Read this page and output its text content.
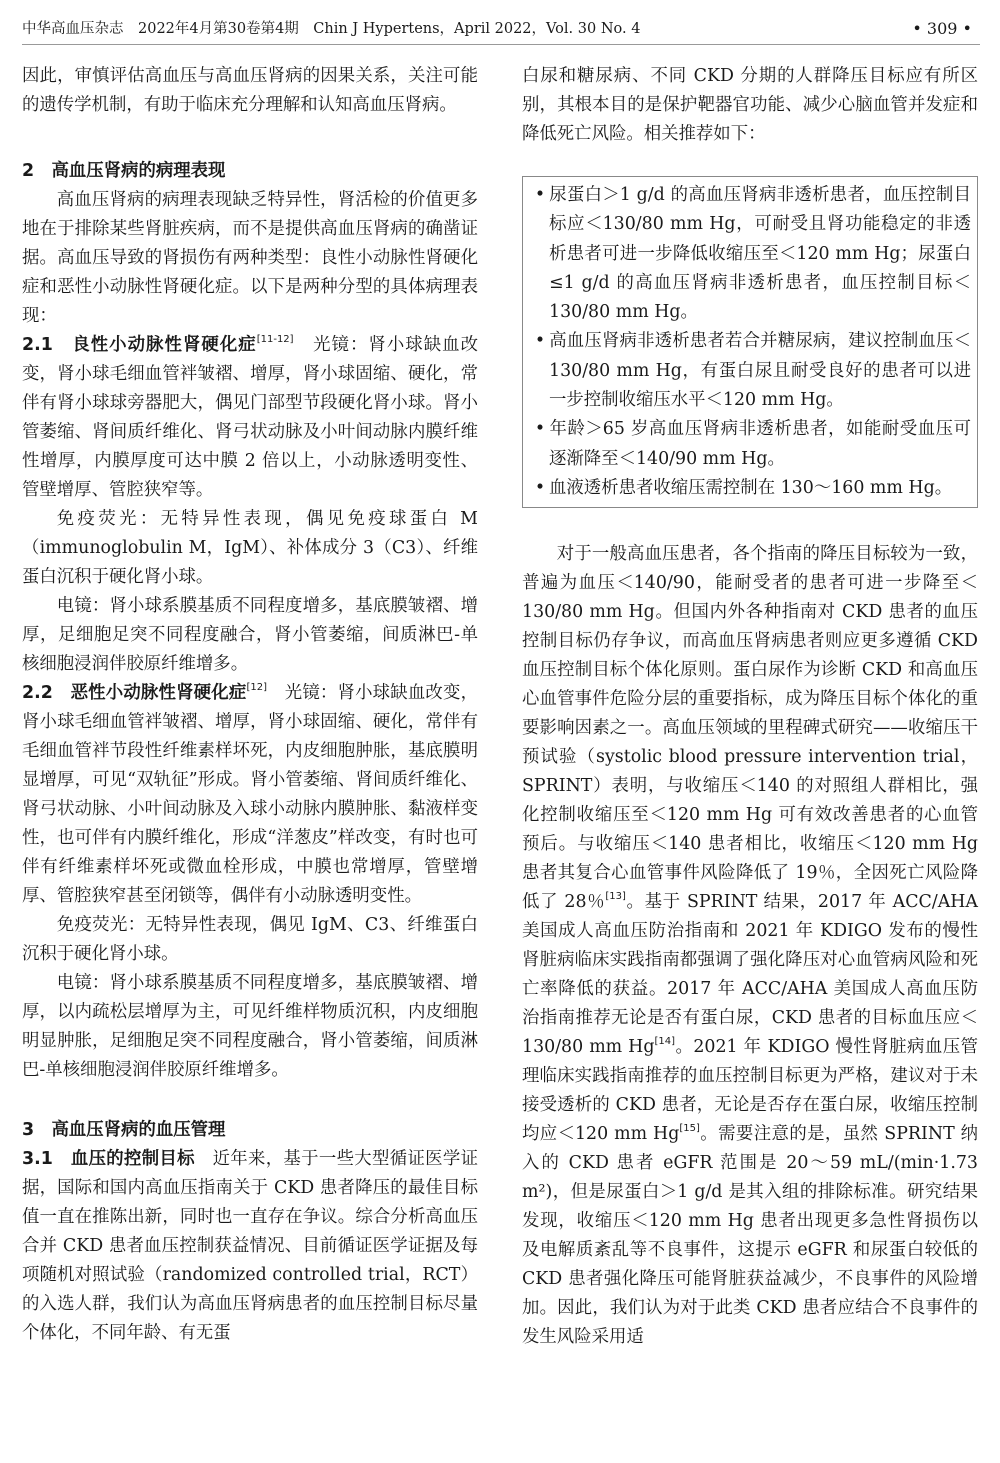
中华高血压杂志　2022年4月第30卷第4期　Chin J Hypertens，April 2022，Vol. 30 No. 4	• 309 •

因此，审慎评估高血压与高血压肾病的因果关系，关注可能的遗传学机制，有助于临床充分理解和认知高血压肾病。

2　高血压肾病的病理表现

高血压肾病的病理表现缺乏特异性，肾活检的价值更多地在于排除某些肾脏疾病，而不是提供高血压肾病的确凿证据。高血压导致的肾损伤有两种类型：良性小动脉性肾硬化症和恶性小动脉性肾硬化症。以下是两种分型的具体病理表现：

2.1　良性小动脉性肾硬化症[11-12]　光镜：肾小球缺血改变，肾小球毛细血管袢皱褶、增厚，肾小球固缩、硬化，常伴有肾小球球旁器肥大，偶见门部型节段硬化肾小球。肾小管萎缩、肾间质纤维化、肾弓状动脉及小叶间动脉内膜纤维性增厚，内膜厚度可达中膜 2 倍以上，小动脉透明变性、管壁增厚、管腔狭窄等。

免疫荧光：无特异性表现，偶见免疫球蛋白 M（immunoglobulin M，IgM）、补体成分 3（C3）、纤维蛋白沉积于硬化肾小球。

电镜：肾小球系膜基质不同程度增多，基底膜皱褶、增厚，足细胞足突不同程度融合，肾小管萎缩，间质淋巴-单核细胞浸润伴胶原纤维增多。

2.2　恶性小动脉性肾硬化症[12]　光镜：肾小球缺血改变，肾小球毛细血管袢皱褶、增厚，肾小球固缩、硬化，常伴有毛细血管袢节段性纤维素样坏死，内皮细胞肿胀，基底膜明显增厚，可见“双轨征”形成。肾小管萎缩、肾间质纤维化、肾弓状动脉、小叶间动脉及入球小动脉内膜肿胀、黏液样变性，也可伴有内膜纤维化，形成“洋葱皮”样改变，有时也可伴有纤维素样坏死或微血栓形成，中膜也常增厚，管壁增厚、管腔狭窄甚至闭锁等，偶伴有小动脉透明变性。

免疫荧光：无特异性表现，偶见 IgM、C3、纤维蛋白沉积于硬化肾小球。

电镜：肾小球系膜基质不同程度增多，基底膜皱褶、增厚，以内疏松层增厚为主，可见纤维样物质沉积，内皮细胞明显肿胀，足细胞足突不同程度融合，肾小管萎缩，间质淋巴-单核细胞浸润伴胶原纤维增多。

3　高血压肾病的血压管理

3.1　血压的控制目标　近年来，基于一些大型循证医学证据，国际和国内高血压指南关于 CKD 患者降压的最佳目标值一直在推陈出新，同时也一直存在争议。综合分析高血压合并 CKD 患者血压控制获益情况、目前循证医学证据及每项随机对照试验（randomized controlled trial，RCT）的入选人群，我们认为高血压肾病患者的血压控制目标尽量个体化，不同年龄、有无蛋

白尿和糖尿病、不同 CKD 分期的人群降压目标应有所区别，其根本目的是保护靶器官功能、减少心脑血管并发症和降低死亡风险。相关推荐如下：

• 尿蛋白＞1 g/d 的高血压肾病非透析患者，血压控制目标应＜130/80 mm Hg，可耐受且肾功能稳定的非透析患者可进一步降低收缩压至＜120 mm Hg；尿蛋白≤1 g/d 的高血压肾病非透析患者，血压控制目标＜130/80 mm Hg。
• 高血压肾病非透析患者若合并糖尿病，建议控制血压＜130/80 mm Hg，有蛋白尿且耐受良好的患者可以进一步控制收缩压水平＜120 mm Hg。
• 年龄＞65 岁高血压肾病非透析患者，如能耐受血压可逐渐降至＜140/90 mm Hg。
• 血液透析患者收缩压需控制在 130～160 mm Hg。

对于一般高血压患者，各个指南的降压目标较为一致，普遍为血压＜140/90，能耐受者的患者可进一步降至＜130/80 mm Hg。但国内外各种指南对 CKD 患者的血压控制目标仍存争议，而高血压肾病患者则应更多遵循 CKD 血压控制目标个体化原则。蛋白尿作为诊断 CKD 和高血压心血管事件危险分层的重要指标，成为降压目标个体化的重要影响因素之一。高血压领域的里程碑式研究——收缩压干预试验（systolic blood pressure intervention trial，SPRINT）表明，与收缩压＜140 的对照组人群相比，强化控制收缩压至＜120 mm Hg 可有效改善患者的心血管预后。与收缩压＜140 患者相比，收缩压＜120 mm Hg 患者其复合心血管事件风险降低了 19％，全因死亡风险降低了 28％[13]。基于 SPRINT 结果，2017 年 ACC/AHA 美国成人高血压防治指南和 2021 年 KDIGO 发布的慢性肾脏病临床实践指南都强调了强化降压对心血管病风险和死亡率降低的获益。2017 年 ACC/AHA 美国成人高血压防治指南推荐无论是否有蛋白尿，CKD 患者的目标血压应＜130/80 mm Hg[14]。2021 年 KDIGO 慢性肾脏病血压管理临床实践指南推荐的血压控制目标更为严格，建议对于未接受透析的 CKD 患者，无论是否存在蛋白尿，收缩压控制均应＜120 mm Hg[15]。需要注意的是，虽然 SPRINT 纳入的 CKD 患者 eGFR 范围是 20～59 mL/(min·1.73 m²)，但是尿蛋白＞1 g/d 是其入组的排除标准。研究结果发现，收缩压＜120 mm Hg 患者出现更多急性肾损伤以及电解质紊乱等不良事件，这提示 eGFR 和尿蛋白较低的 CKD 患者强化降压可能肾脏获益减少，不良事件的风险增加。因此，我们认为对于此类 CKD 患者应结合不良事件的发生风险采用适
